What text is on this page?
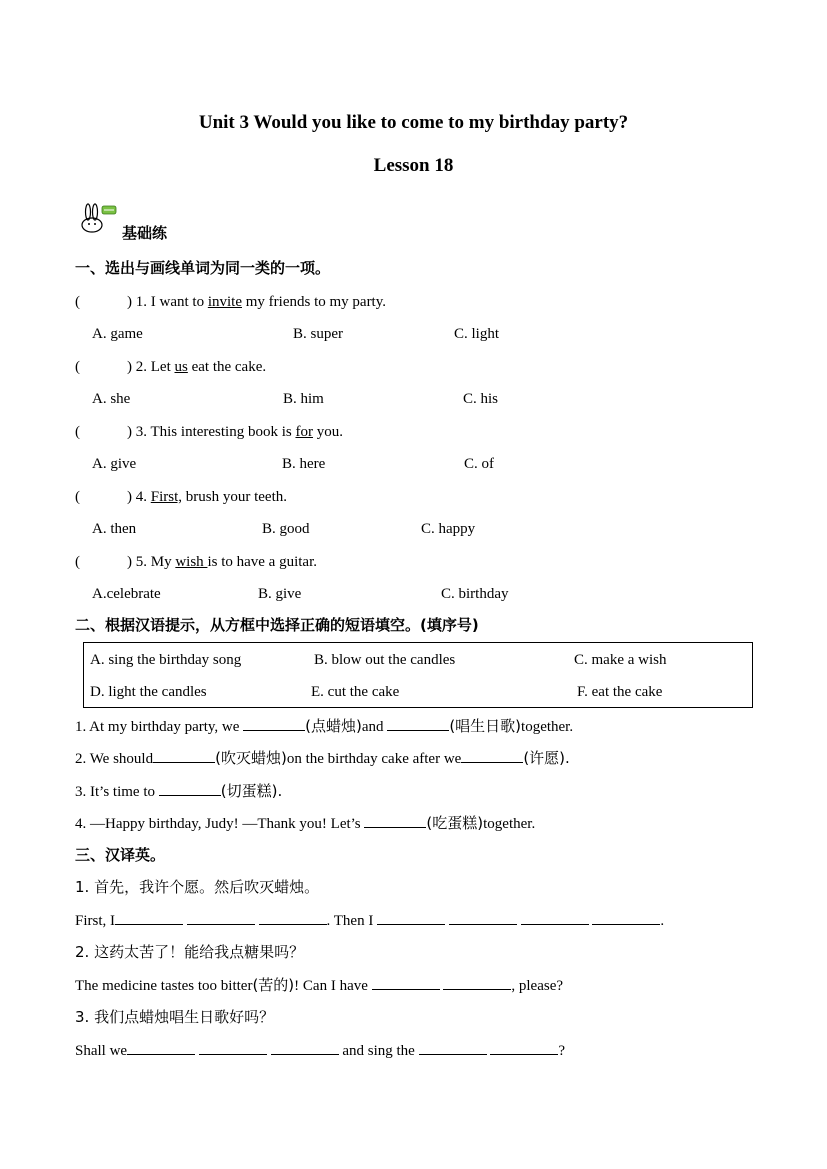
Unit 3 Would you like to come to my birthday party?
Lesson 18
基础练
一、选出与画线单词为同一类的一项。
(	) 1. I want to invite my friends to my party.
A. game	B. super	C. light
(	) 2. Let us eat the cake.
A. she	B. him	C. his
(	) 3. This interesting book is for you.
A. give	B. here	C. of
(	) 4. First, brush your teeth.
A. then	B. good	C. happy
(	) 5. My wish is to have a guitar.
A.celebrate	B. give	C. birthday
二、根据汉语提示，从方框中选择正确的短语填空。(填序号)
A. sing the birthday song	B. blow out the candles	C. make a wish
D. light the candles	E. cut the cake	F. eat the cake
1. At my birthday party, we	(点蜡烛)and	(唱生日歌)together.
2. We should	(吹灭蜡烛)on the birthday cake after we	(许愿).
3. It’s time to	(切蛋糕).
4. —Happy birthday, Judy! —Thank you! Let’s	(吃蛋糕)together.
三、汉译英。
1. 首先，我许个愿。然后吹灭蜡烛。
First, I	. Then I	.
2. 这药太苦了！能给我点糖果吗？
The medicine tastes too bitter(苦的)! Can I have	, please?
3. 我们点蜡烛唱生日歌好吗？
Shall we	and sing the	?
